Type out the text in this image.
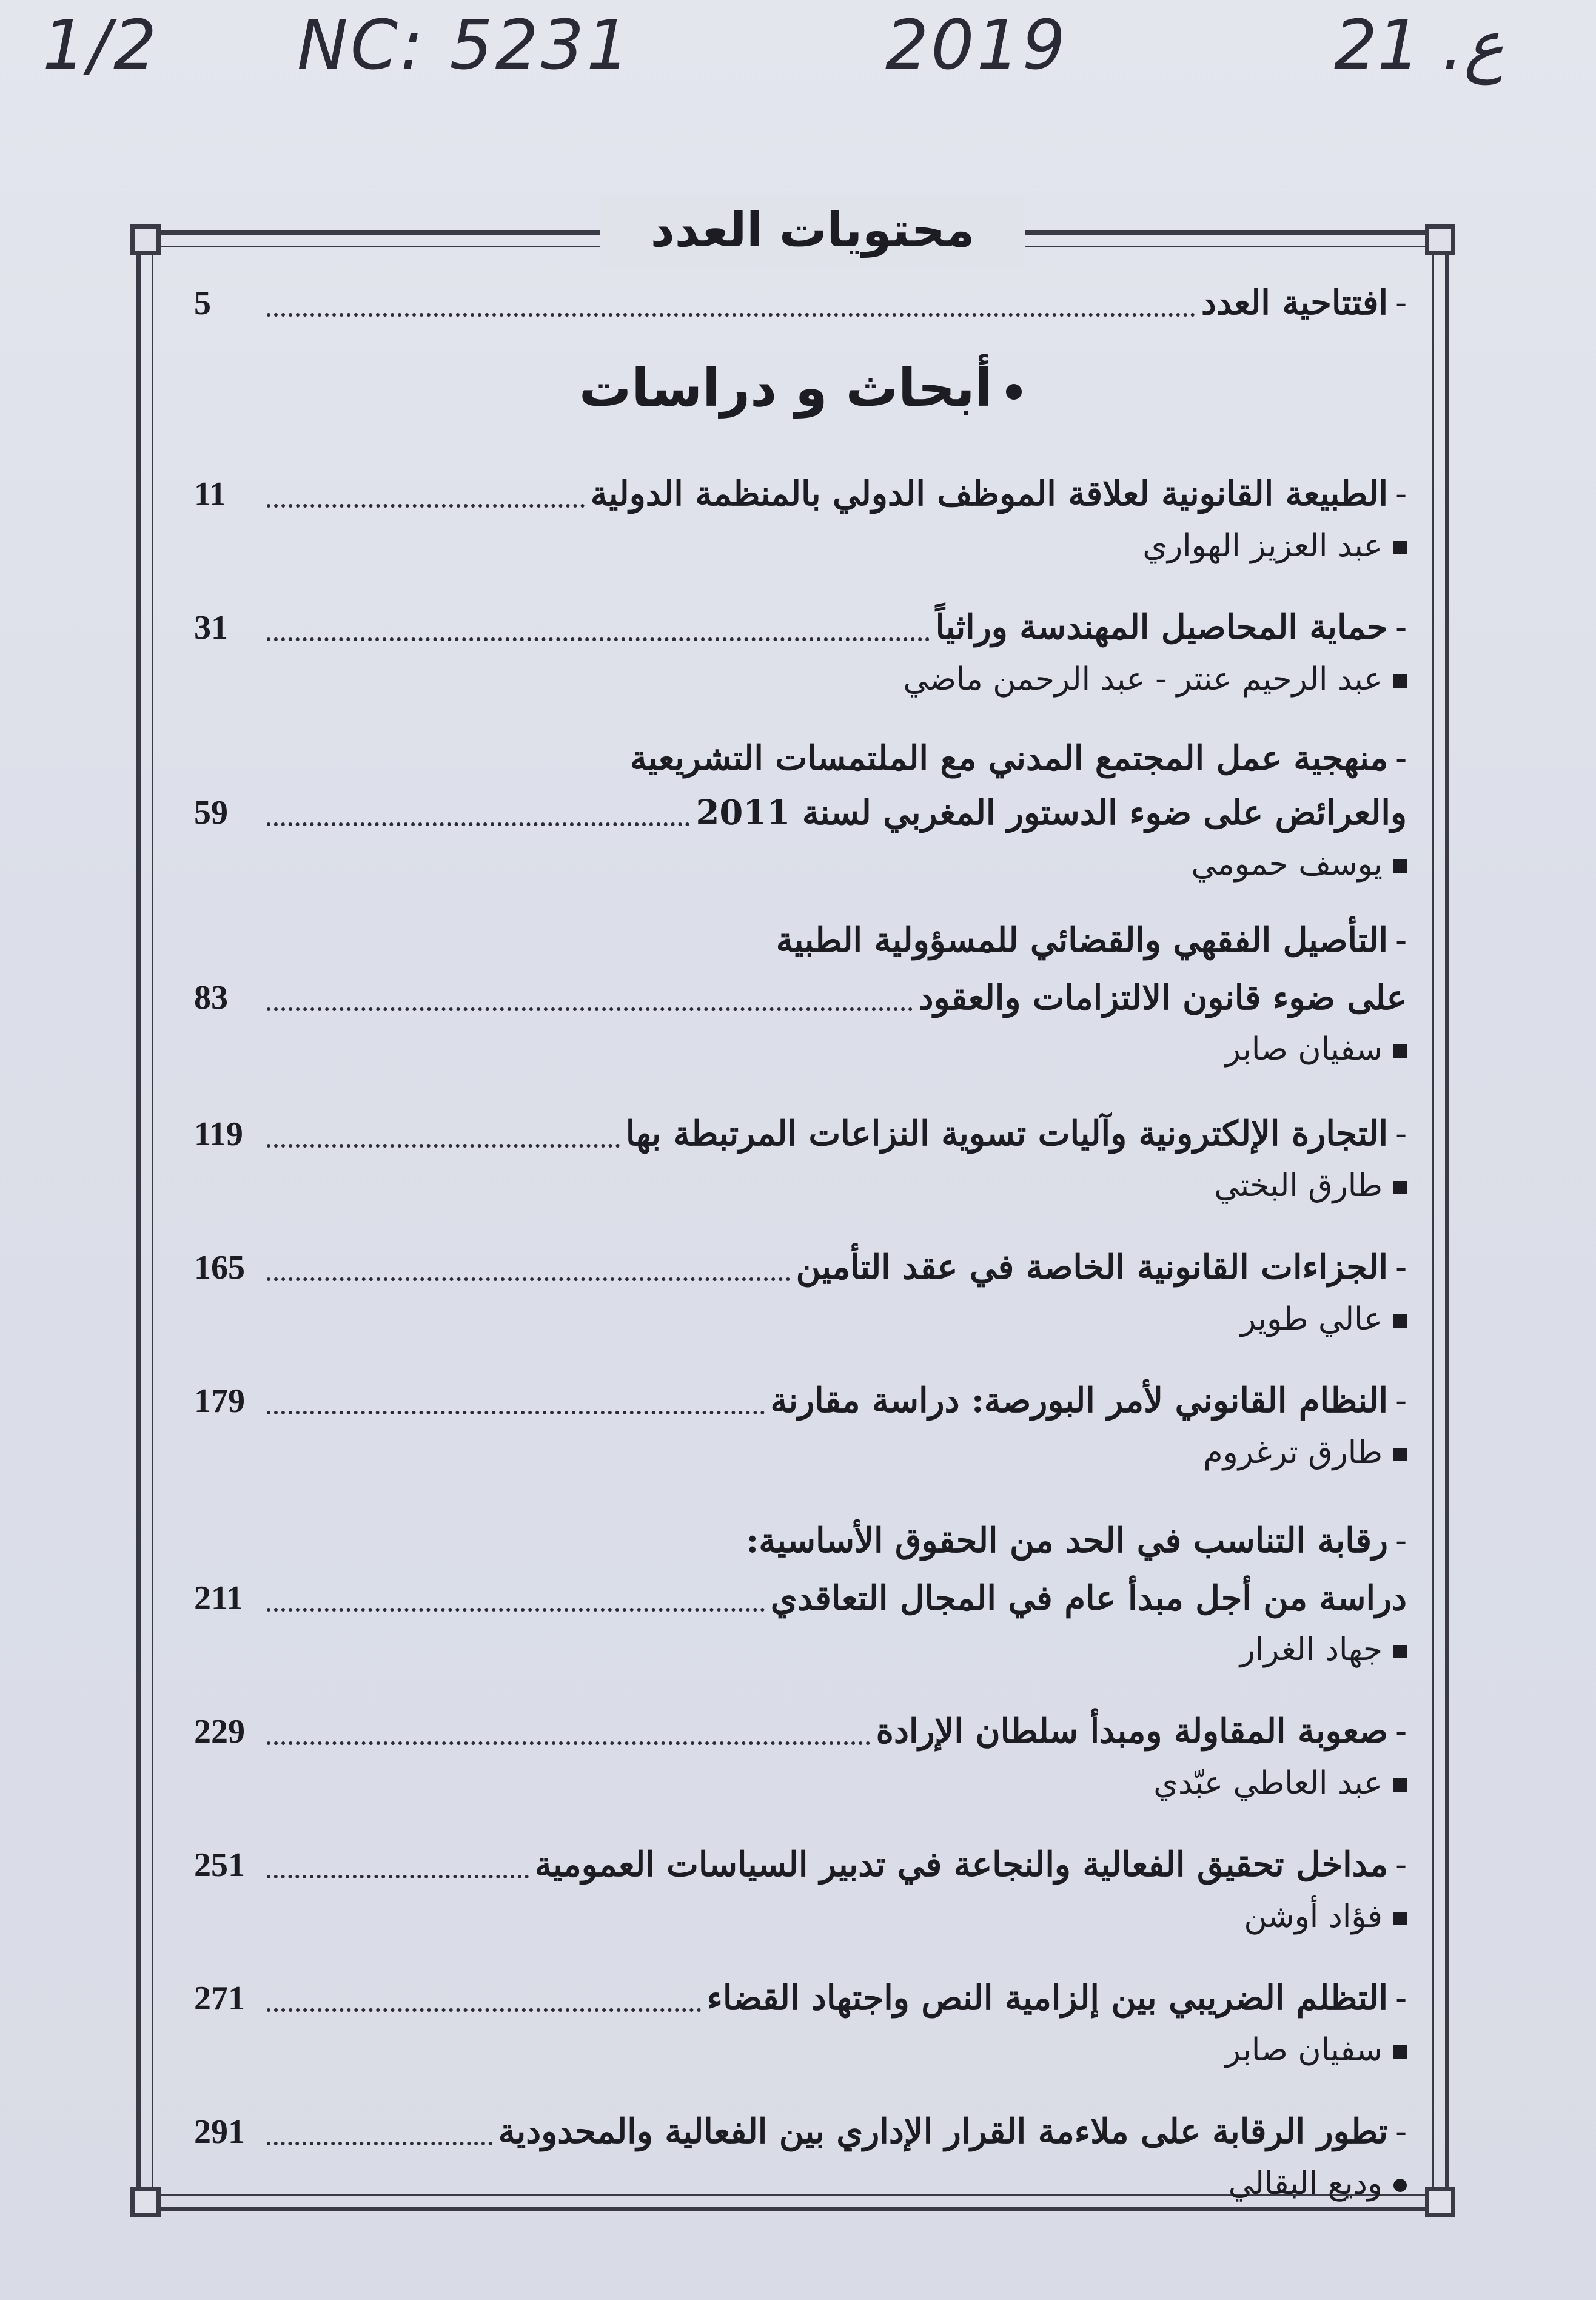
1/2 NC: 5231	2019	ع. 21
محتويات العدد
-افتتاحية العدد
5
أبحاث و دراسات
-الطبيعة القانونية لعلاقة الموظف الدولي بالمنظمة الدولية
11
عبد العزيز الهواري
-حماية المحاصيل المهندسة وراثياً
31
عبد الرحيم عنتر - عبد الرحمن ماضي
-منهجية عمل المجتمع المدني مع الملتمسات التشريعية
والعرائض على ضوء الدستور المغربي لسنة 2011
59
يوسف حمومي
-التأصيل الفقهي والقضائي للمسؤولية الطبية
على ضوء قانون الالتزامات والعقود
83
سفيان صابر
-التجارة الإلكترونية وآليات تسوية النزاعات المرتبطة بها
119
طارق البختي
-الجزاءات القانونية الخاصة في عقد التأمين
165
عالي طوير
-النظام القانوني لأمر البورصة: دراسة مقارنة
179
طارق ترغروم
-رقابة التناسب في الحد من الحقوق الأساسية:
دراسة من أجل مبدأ عام في المجال التعاقدي
211
جهاد الغرار
-صعوبة المقاولة ومبدأ سلطان الإرادة
229
عبد العاطي عبّدي
-مداخل تحقيق الفعالية والنجاعة في تدبير السياسات العمومية
251
فؤاد أوشن
-التظلم الضريبي بين إلزامية النص واجتهاد القضاء
271
سفيان صابر
-تطور الرقابة على ملاءمة القرار الإداري بين الفعالية والمحدودية
291
وديع البقالي
